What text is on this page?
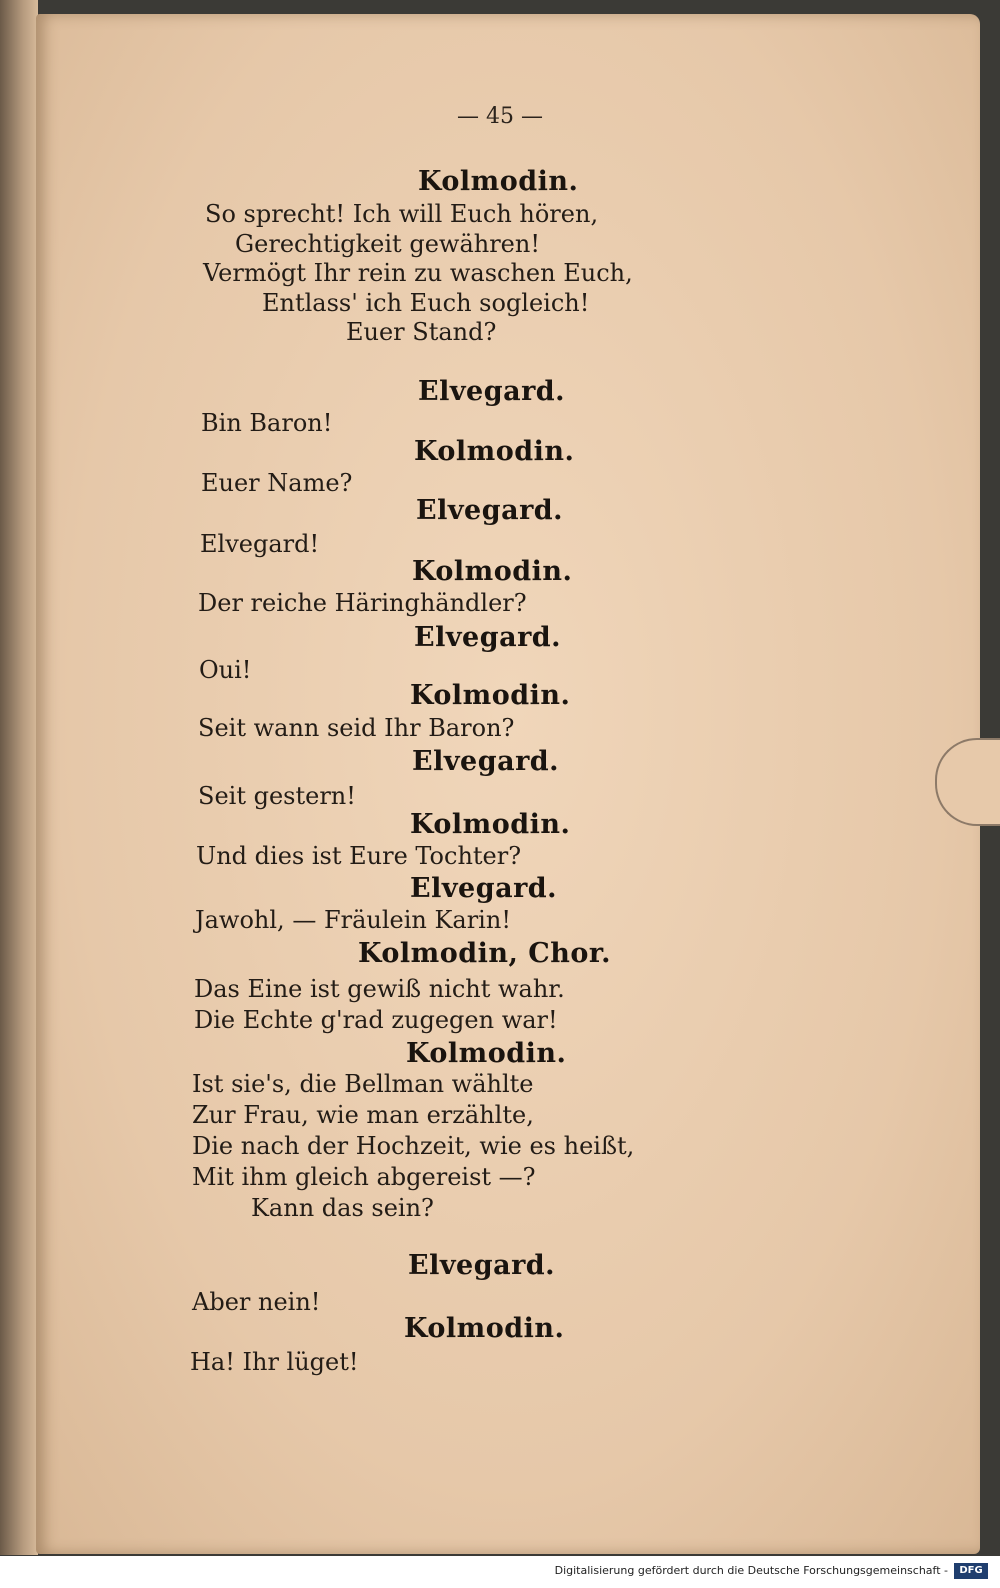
— 45 —
Kolmodin.
So sprecht! Ich will Euch hören,
Gerechtigkeit gewähren!
Vermögt Ihr rein zu waschen Euch,
Entlass' ich Euch sogleich!
Euer Stand?
Elvegard.
Bin Baron!
Kolmodin.
Euer Name?
Elvegard.
Elvegard!
Kolmodin.
Der reiche Häringhändler?
Elvegard.
Oui!
Kolmodin.
Seit wann seid Ihr Baron?
Elvegard.
Seit gestern!
Kolmodin.
Und dies ist Eure Tochter?
Elvegard.
Jawohl, — Fräulein Karin!
Kolmodin, Chor.
Das Eine ist gewiß nicht wahr.
Die Echte g'rad zugegen war!
Kolmodin.
Ist sie's, die Bellman wählte
Zur Frau, wie man erzählte,
Die nach der Hochzeit, wie es heißt,
Mit ihm gleich abgereist —?
Kann das sein?
Elvegard.
Aber nein!
Kolmodin.
Ha! Ihr lüget!
Digitalisierung gefördert durch die Deutsche Forschungsgemeinschaft -	DFG
